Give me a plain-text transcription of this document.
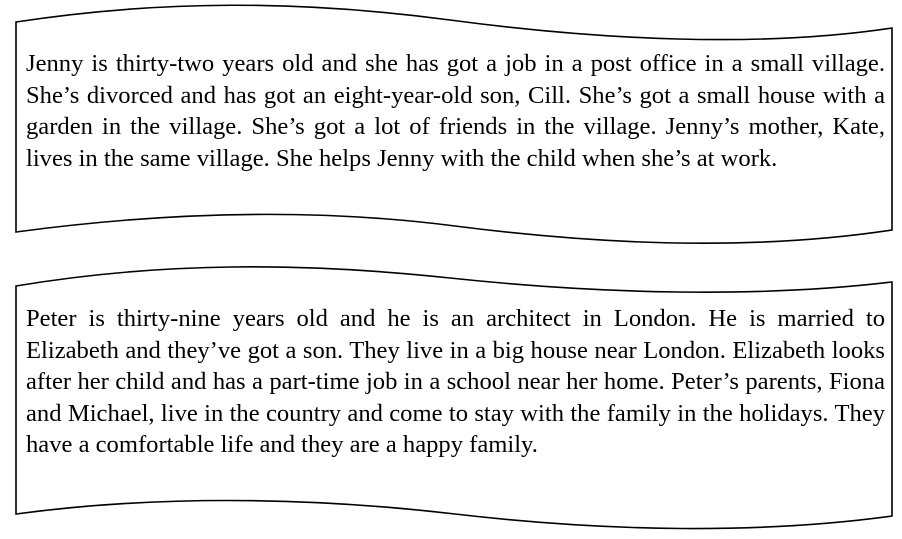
Jenny is thirty-two years old and she has got a job in a post office in a small village. She’s divorced and has got an eight-year-old son, Cill. She’s got a small house with a garden in the village. She’s got a lot of friends in the village. Jenny’s mother, Kate, lives in the same village. She helps Jenny with the child when she’s at work.

Peter is thirty-nine years old and he is an architect in London. He is married to Elizabeth and they’ve got a son. They live in a big house near London. Elizabeth looks after her child and has a part-time job in a school near her home. Peter’s parents, Fiona and Michael, live in the country and come to stay with the family in the holidays. They have a comfortable life and they are a happy family.
